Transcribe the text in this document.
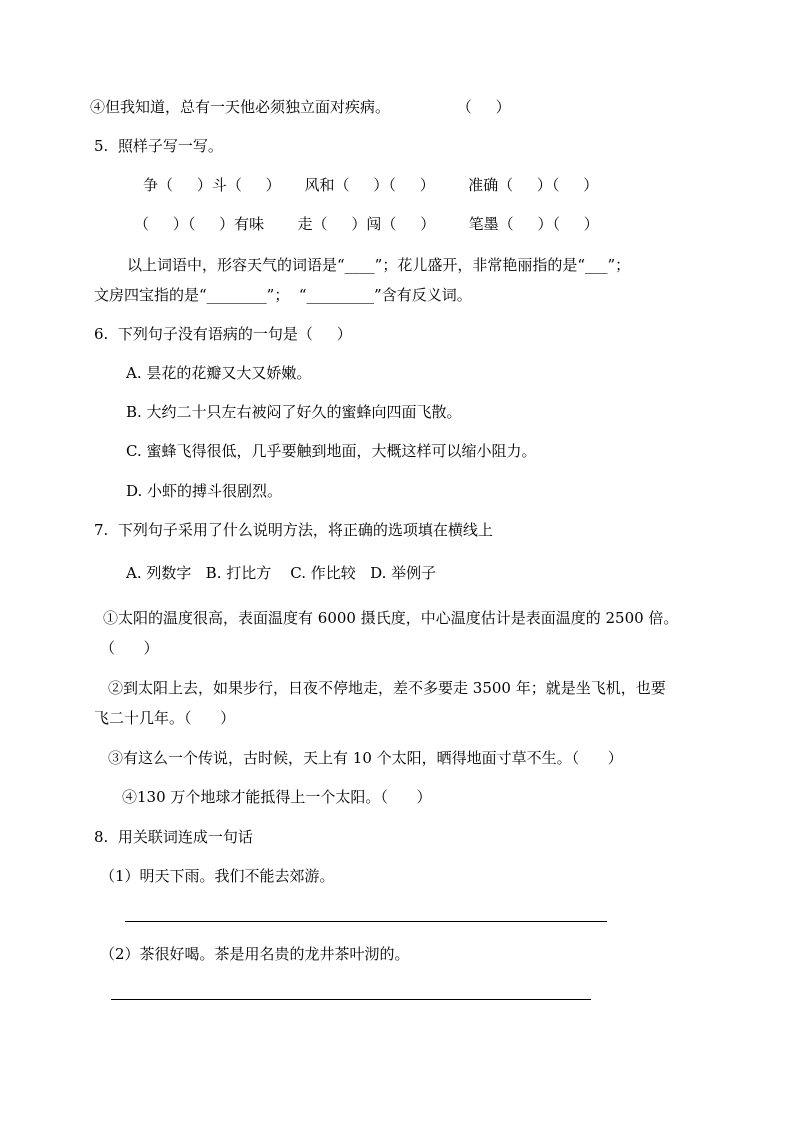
④但我知道，总有一天他必须独立面对疾病。              （     ）
5.  照样子写一写。
争（     ）斗（     ）     风和（     ）（     ）       准确（     ）（     ）
（     ）（     ）有味       走（     ）闯（     ）       笔墨（     ）（     ）
以上词语中，形容天气的词语是“____”；花儿盛开，非常艳丽指的是“___”；
文房四宝指的是“________”；  “_________”含有反义词。
6.  下列句子没有语病的一句是（     ）
A. 昙花的花瓣又大又娇嫩。
B. 大约二十只左右被闷了好久的蜜蜂向四面飞散。
C. 蜜蜂飞得很低，几乎要触到地面，大概这样可以缩小阻力。
D. 小虾的搏斗很剧烈。
7.  下列句子采用了什么说明方法，将正确的选项填在横线上
A. 列数字   B. 打比方    C. 作比较   D. 举例子
①太阳的温度很高，表面温度有 6000 摄氏度，中心温度估计是表面温度的 2500 倍。
（      ）
②到太阳上去，如果步行，日夜不停地走，差不多要走 3500 年；就是坐飞机，也要
飞二十几年。（      ）
③有这么一个传说，古时候，天上有 10 个太阳，晒得地面寸草不生。（      ）
④130 万个地球才能抵得上一个太阳。（      ）
8.  用关联词连成一句话
（1）明天下雨。我们不能去郊游。
（2）茶很好喝。茶是用名贵的龙井茶叶沏的。
